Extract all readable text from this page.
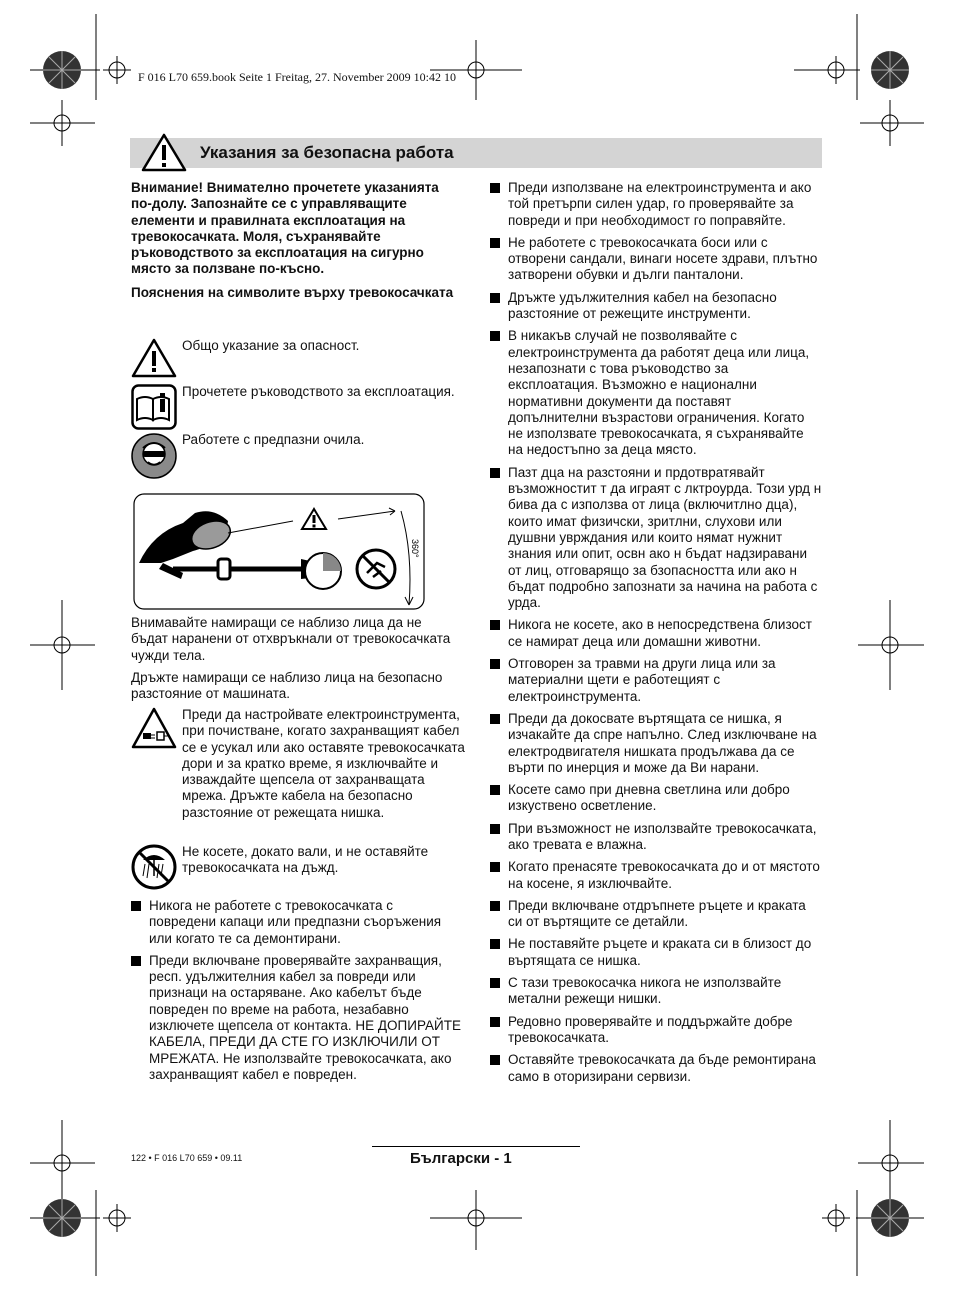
F 016 L70 659.book Seite 1 Freitag, 27. November 2009 10:42 10
Указания за безопасна работа

Внимание! Внимателно прочетете указанията по-долу. Запознайте се с управляващите елементи и правилната експлоатация на тревокосачката. Моля, съхранявайте ръководството за експлоатация на сигурно място за ползване по-късно.

Пояснения на символите върху тревокосачката

Общо указание за опасност.
Прочетете ръководството за експлоатация.
Работете с предпазни очила.
360°

Внимавайте намиращи се наблизо лица да не бъдат наранени от отхвръкнали от тревокосачката чужди тела.

Дръжте намиращи се наблизо лица на безопасно разстояние от машината.

Преди да настройвате електроинструмента, при почистване, когато захранващият кабел се е усукал или ако оставяте тревокосачката дори и за кратко време, я изключвайте и изваждайте щепсела от захранващата мрежа. Дръжте кабела на безопасно разстояние от режещата нишка.
Не косете, докато вали, и не оставяйте тревокосачката на дъжд.
Никога не работете с тревокосачката с повредени капаци или предпазни съоръжения или когато те са демонтирани.
Преди включване проверявайте захранващия, респ. удължителния кабел за повреди или признаци на остаряване. Ако кабелът бъде повреден по време на работа, незабавно изключете щепсела от контакта. НЕ ДОПИРАЙТЕ КАБЕЛА, ПРЕДИ ДА СТЕ ГО ИЗКЛЮЧИЛИ ОТ МРЕЖАТА. Не използвайте тревокосачката, ако захранващият кабел е повреден.
Преди използване на електроинструмента и ако той претърпи силен удар, го проверявайте за повреди и при необходимост го поправяйте.
Не работете с тревокосачката боси или с отворени сандали, винаги носете здрави, плътно затворени обувки и дълги панталони.
Дръжте удължителния кабел на безопасно разстояние от режещите инструменти.
В никакъв случай не позволявайте с електроинструмента да работят деца или лица, незапознати с това ръководство за експлоатация. Възможно е национални нормативни документи да поставят допълнителни възрастови ограничения. Когато не използвате тревокосачката, я съхранявайте на недостъпно за деца място.
Пазт дца на разстояни и прдотвратявайт възможностит т да играят с лктроурда. Този урд н бива да с използва от лица (включитлно дца), които имат физичски, зритлни, слухови или душвни уврждания или които нямат нужнит знания или опит, освн ако н бъдат надзиравани от лиц, отговарящо за бзопасността или ако н бъдат подробно запознати за начина на работа с урда.
Никога не косете, ако в непосредствена близост се намират деца или домашни животни.
Отговорен за травми на други лица или за материални щети е работещият с електроинструмента.
Преди да докосвате въртящата се нишка, я изчакайте да спре напълно. След изключване на електродвигателя нишката продължава да се върти по инерция и може да Ви нарани.
Косете само при дневна светлина или добро изкуствено осветление.
При възможност не използвайте тревокосачката, ако тревата е влажна.
Когато пренасяте тревокосачката до и от мястото на косене, я изключвайте.
Преди включване отдръпнете ръцете и краката си от въртящите се детайли.
Не поставяйте ръцете и краката си в близост до въртящата се нишка.
С тази тревокосачка никога не използвайте метални режещи нишки.
Редовно проверявайте и поддържайте добре тревокосачката.
Оставяйте тревокосачката да бъде ремонтирана само в оторизирани сервизи.
122 • F 016 L70 659 • 09.11	Български - 1
